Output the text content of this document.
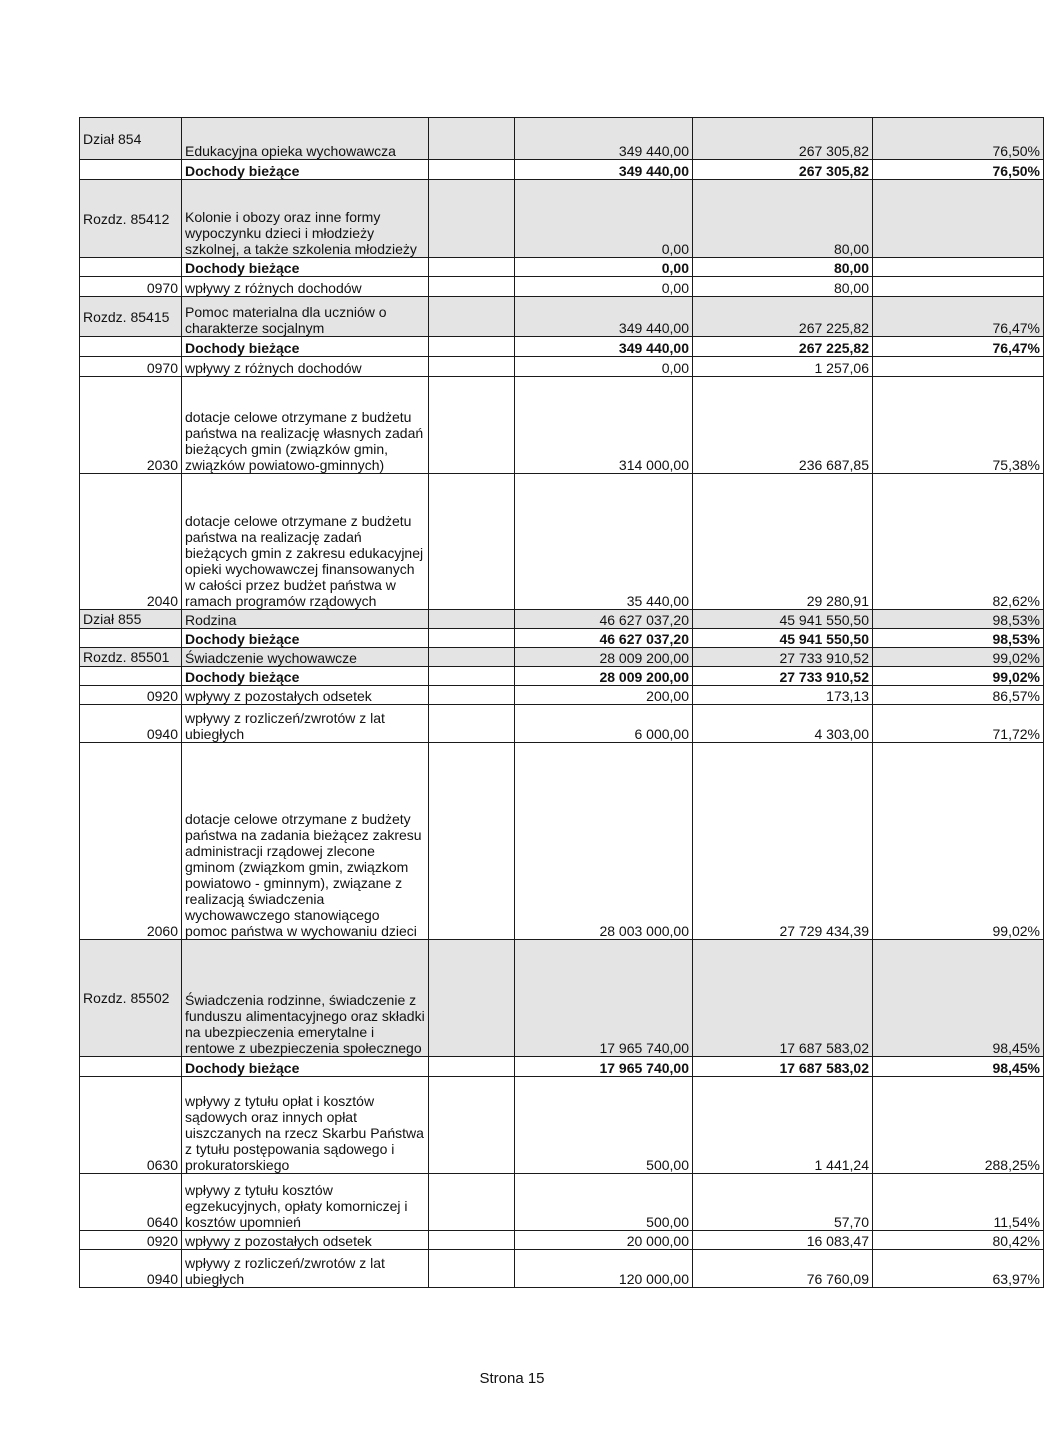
Dział 854	Edukacyjna opieka wychowawcza		349 440,00	267 305,82	76,50%
	Dochody bieżące		349 440,00	267 305,82	76,50%
Rozdz. 85412	Kolonie i obozy oraz inne formy wypoczynku dzieci i młodzieży szkolnej, a także szkolenia młodzieży		0,00	80,00	
	Dochody bieżące		0,00	80,00	
0970	wpływy z różnych dochodów		0,00	80,00	
Rozdz. 85415	Pomoc materialna dla uczniów o charakterze socjalnym		349 440,00	267 225,82	76,47%
	Dochody bieżące		349 440,00	267 225,82	76,47%
0970	wpływy z różnych dochodów		0,00	1 257,06	
2030	dotacje celowe otrzymane z budżetu państwa na realizację własnych zadań bieżących gmin (związków gmin, związków powiatowo-gminnych)		314 000,00	236 687,85	75,38%
2040	dotacje celowe otrzymane z budżetu państwa na realizację zadań bieżących gmin z zakresu edukacyjnej opieki wychowawczej finansowanych w całości przez budżet państwa w ramach programów rządowych		35 440,00	29 280,91	82,62%
Dział 855	Rodzina		46 627 037,20	45 941 550,50	98,53%
	Dochody bieżące		46 627 037,20	45 941 550,50	98,53%
Rozdz. 85501	Świadczenie wychowawcze		28 009 200,00	27 733 910,52	99,02%
	Dochody bieżące		28 009 200,00	27 733 910,52	99,02%
0920	wpływy z pozostałych odsetek		200,00	173,13	86,57%
0940	wpływy z rozliczeń/zwrotów z lat ubiegłych		6 000,00	4 303,00	71,72%
2060	dotacje celowe otrzymane z budżety państwa na zadania bieżącez zakresu administracji rządowej zlecone gminom (związkom gmin, związkom powiatowo - gminnym), związane z realizacją świadczenia wychowawczego stanowiącego pomoc państwa w wychowaniu dzieci		28 003 000,00	27 729 434,39	99,02%
Rozdz. 85502	Świadczenia rodzinne, świadczenie z funduszu alimentacyjnego oraz składki na ubezpieczenia emerytalne i rentowe z ubezpieczenia społecznego		17 965 740,00	17 687 583,02	98,45%
	Dochody bieżące		17 965 740,00	17 687 583,02	98,45%
0630	wpływy z tytułu opłat i kosztów sądowych oraz innych opłat uiszczanych na rzecz Skarbu Państwa z tytułu postępowania sądowego i prokuratorskiego		500,00	1 441,24	288,25%
0640	wpływy z tytułu kosztów egzekucyjnych, opłaty komorniczej i kosztów upomnień		500,00	57,70	11,54%
0920	wpływy z pozostałych odsetek		20 000,00	16 083,47	80,42%
0940	wpływy z rozliczeń/zwrotów z lat ubiegłych		120 000,00	76 760,09	63,97%
Strona 15
